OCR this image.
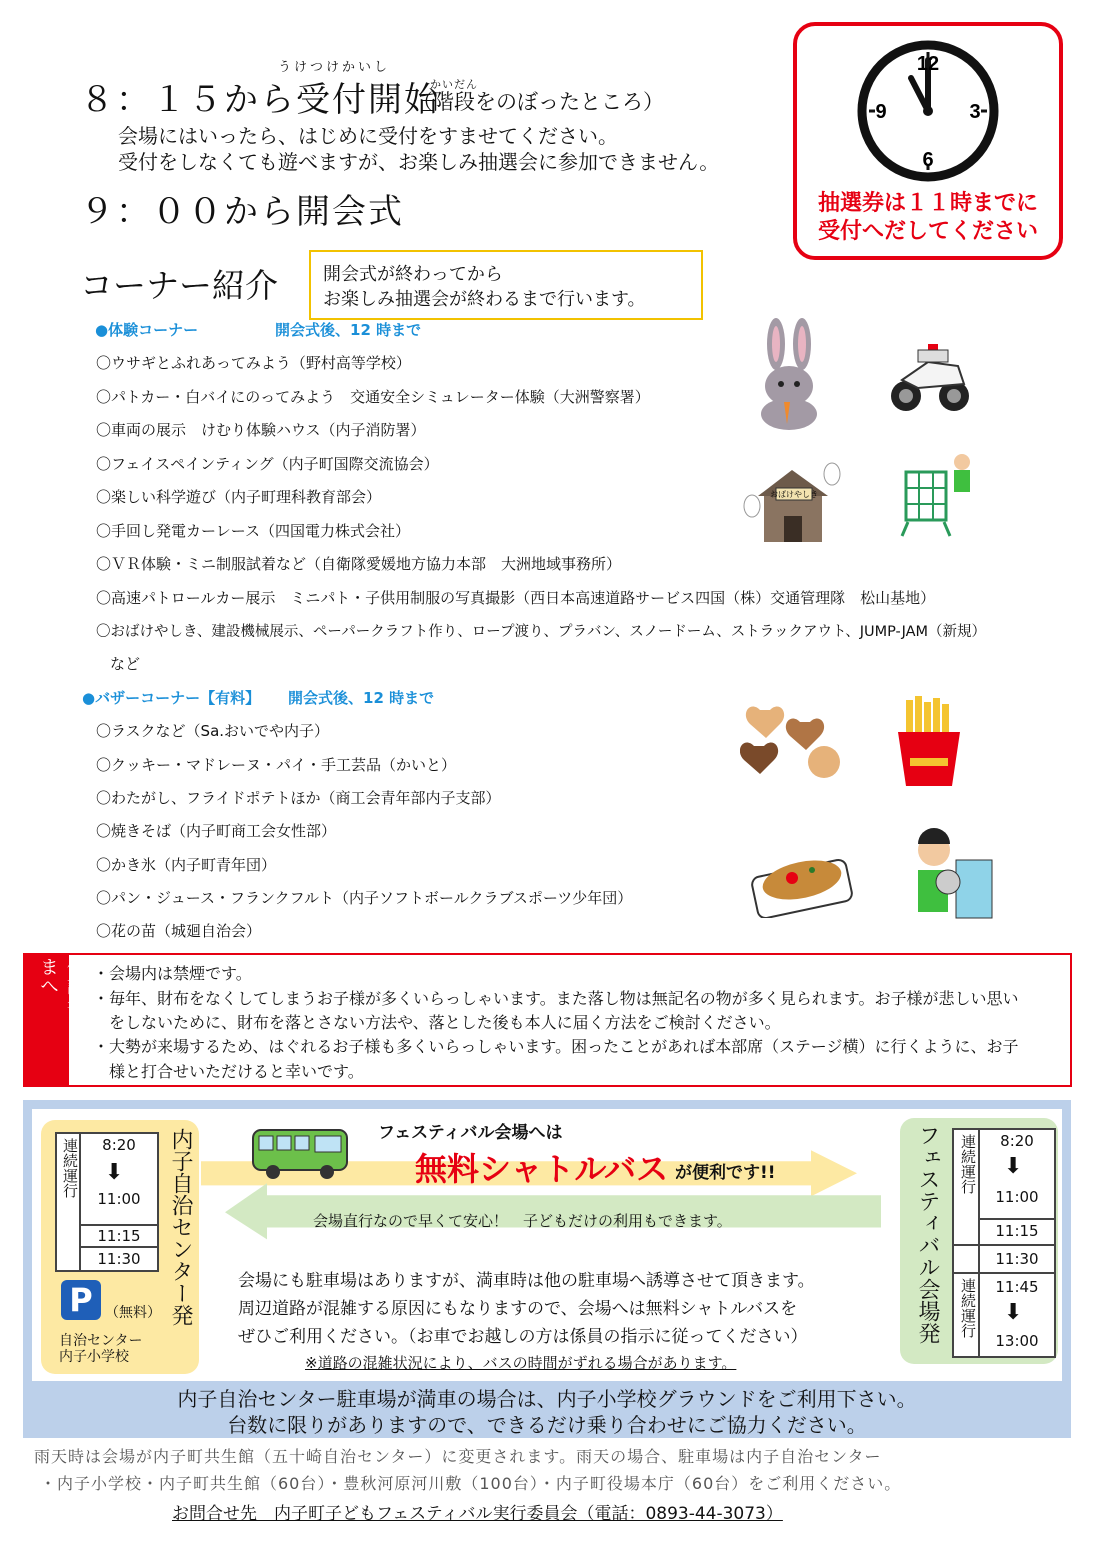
うけつけかいし
８：１５から受付開始
かいだん
（階段をのぼったところ）
会場にはいったら、はじめに受付をすませてください。
受付をしなくても遊べますが、お楽しみ抽選会に参加できません。
９：００から開会式
12
3
6
9
抽選券は１１時までに
受付へだしてください
コーナー紹介	開会式が終わってから
お楽しみ抽選会が終わるまで行います。
●体験コーナー	開会式後、12 時まで
〇ウサギとふれあってみよう（野村高等学校）
〇パトカー・白バイにのってみよう　交通安全シミュレーター体験（大洲警察署）
〇車両の展示　けむり体験ハウス（内子消防署）
〇フェイスペインティング（内子町国際交流協会）
〇楽しい科学遊び（内子町理科教育部会）
〇手回し発電カーレース（四国電力株式会社）
〇ＶＲ体験・ミニ制服試着など（自衛隊愛媛地方協力本部　大洲地域事務所）
〇高速パトロールカー展示　ミニパト・子供用制服の写真撮影（西日本高速道路サービス四国（株）交通管理隊　松山基地）
〇おばけやしき、建設機械展示、ペーパークラフト作り、ロープ渡り、プラバン、スノードーム、ストラックアウト、JUMP-JAM（新規）
など
●バザーコーナー【有料】 開会式後、12 時まで
〇ラスクなど（Sa.おいでや内子）
〇クッキー・マドレーヌ・パイ・手工芸品（かいと）
〇わたがし、フライドポテトほか（商工会青年部内子支部）
〇焼きそば（内子町商工会女性部）
〇かき氷（内子町青年団）
〇パン・ジュース・フランクフルト（内子ソフトボールクラブスポーツ少年団）
〇花の苗（城廻自治会）
おばけやしき
保護者の皆さまへ	・会場内は禁煙です。
・毎年、財布をなくしてしまうお子様が多くいらっしゃいます。また落し物は無記名の物が多く見られます。お子様が悲しい思い
　をしないために、財布を落とさない方法や、落とした後も本人に届く方法をご検討ください。
・大勢が来場するため、はぐれるお子様も多くいらっしゃいます。困ったことがあれば本部席（ステージ横）に行くように、お子
　様と打合せいただけると幸いです。
連続運行	8:20
⬇
11:00
11:15
11:30	内子自治センター発
P （無料）
自治センター
内子小学校
会場直行なので早くて安心！　子どもだけの利用もできます。
フェスティバル会場へは
無料シャトルバス が便利です!!
会場にも駐車場はありますが、満車時は他の駐車場へ誘導させて頂きます。
周辺道路が混雑する原因にもなりますので、会場へは無料シャトルバスを
ぜひご利用ください。（お車でお越しの方は係員の指示に従ってください）
※道路の混雑状況により、バスの時間がずれる場合があります。
フェスティバル会場発 連続運行	8:20
⬇
11:00
11:15
11:30
連続運行	11:45
⬇
13:00
内子自治センター駐車場が満車の場合は、内子小学校グラウンドをご利用下さい。
台数に限りがありますので、できるだけ乗り合わせにご協力ください。
雨天時は会場が内子町共生館（五十崎自治センター）に変更されます。雨天の場合、駐車場は内子自治センター
・内子小学校・内子町共生館（60台）・豊秋河原河川敷（100台）・内子町役場本庁（60台）をご利用ください。
お問合せ先　内子町子どもフェスティバル実行委員会（電話：0893-44-3073）
